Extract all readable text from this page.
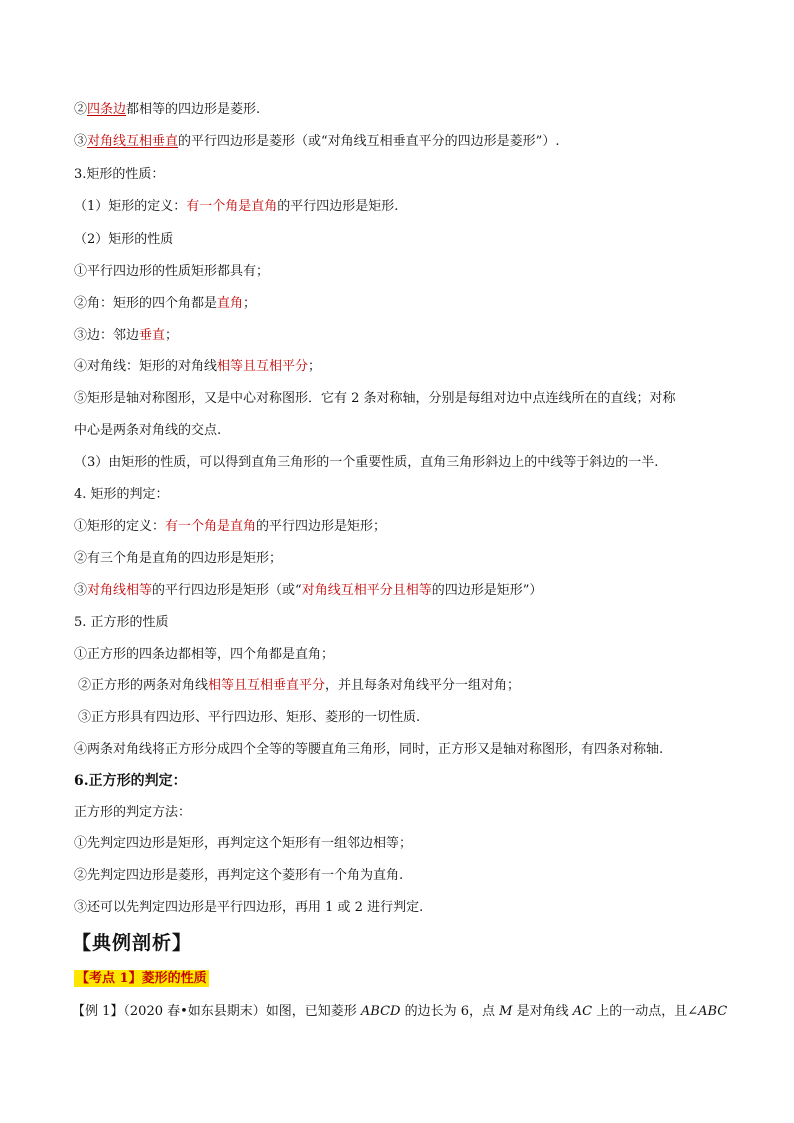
②四条边都相等的四边形是菱形.
③对角线互相垂直的平行四边形是菱形（或“对角线互相垂直平分的四边形是菱形”）.
3.矩形的性质：
（1）矩形的定义：有一个角是直角的平行四边形是矩形.
（2）矩形的性质
①平行四边形的性质矩形都具有；
②角：矩形的四个角都是直角；
③边：邻边垂直；
④对角线：矩形的对角线相等且互相平分；
⑤矩形是轴对称图形，又是中心对称图形．它有 2 条对称轴，分别是每组对边中点连线所在的直线；对称
中心是两条对角线的交点.
（3）由矩形的性质，可以得到直角三角形的一个重要性质，直角三角形斜边上的中线等于斜边的一半.
4. 矩形的判定：
①矩形的定义：有一个角是直角的平行四边形是矩形；
②有三个角是直角的四边形是矩形；
③对角线相等的平行四边形是矩形（或“对角线互相平分且相等的四边形是矩形”）
5. 正方形的性质
①正方形的四条边都相等，四个角都是直角；
②正方形的两条对角线相等且互相垂直平分，并且每条对角线平分一组对角；
③正方形具有四边形、平行四边形、矩形、菱形的一切性质.
④两条对角线将正方形分成四个全等的等腰直角三角形，同时，正方形又是轴对称图形，有四条对称轴.
6.正方形的判定：
正方形的判定方法：
①先判定四边形是矩形，再判定这个矩形有一组邻边相等；
②先判定四边形是菱形，再判定这个菱形有一个角为直角.
③还可以先判定四边形是平行四边形，再用 1 或 2 进行判定.
【典例剖析】
【考点 1】菱形的性质
【例 1】（2020 春•如东县期末）如图，已知菱形 ABCD 的边长为 6，点 M 是对角线 AC 上的一动点，且∠ABC
